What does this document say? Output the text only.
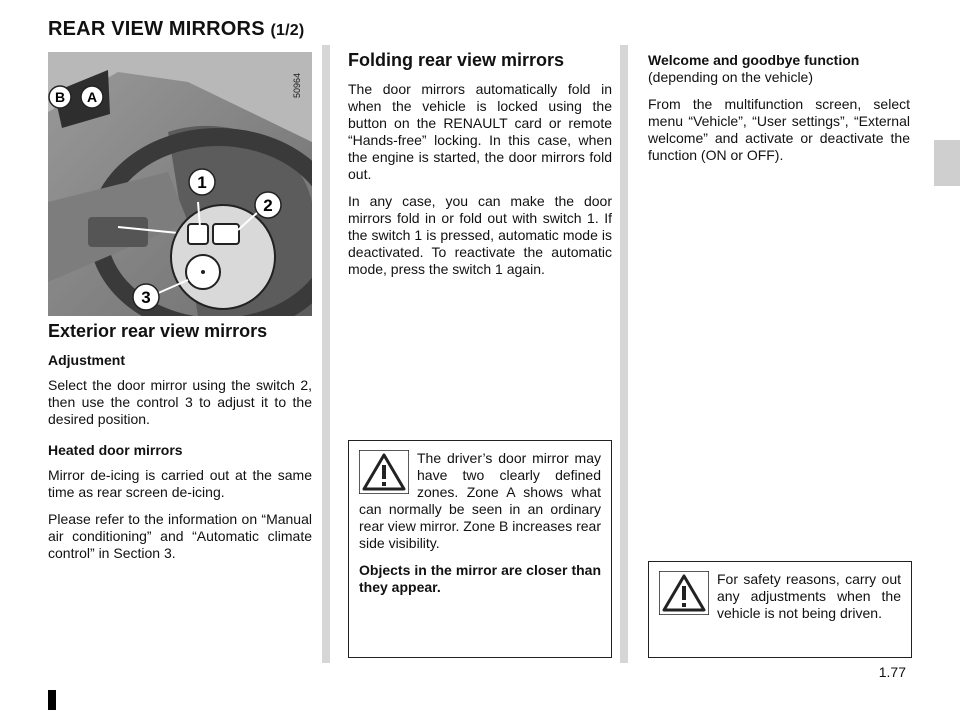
REAR VIEW MIRRORS (1/2)
1
2
3
B A	50964
Exterior rear view mirrors
Adjustment

Select the door mirror using the switch 2, then use the control 3 to adjust it to the desired position.

Heated door mirrors

Mirror de-icing is carried out at the same time as rear screen de-icing.

Please refer to the information on “Manual air conditioning” and “Automatic climate control” in Section 3.

Folding rear view mirrors

The door mirrors automatically fold in when the vehicle is locked using the button on the RENAULT card or remote “Hands-free” locking. In this case, when the engine is started, the door mirrors fold out.

In any case, you can make the door mirrors fold in or fold out with switch 1. If the switch 1 is pressed, automatic mode is deactivated. To reactivate the automatic mode, press the switch 1 again.

The driver’s door mirror may have two clearly defined zones. Zone A shows what can normally be seen in an ordinary rear view mirror. Zone B increases rear side visibility.

Objects in the mirror are closer than they appear.

Welcome and goodbye function

(depending on the vehicle)

From the multifunction screen, select menu “Vehicle”, “User settings”, “External welcome” and activate or deactivate the function (ON or OFF).

For safety reasons, carry out any adjustments when the vehicle is not being driven.

1.77
